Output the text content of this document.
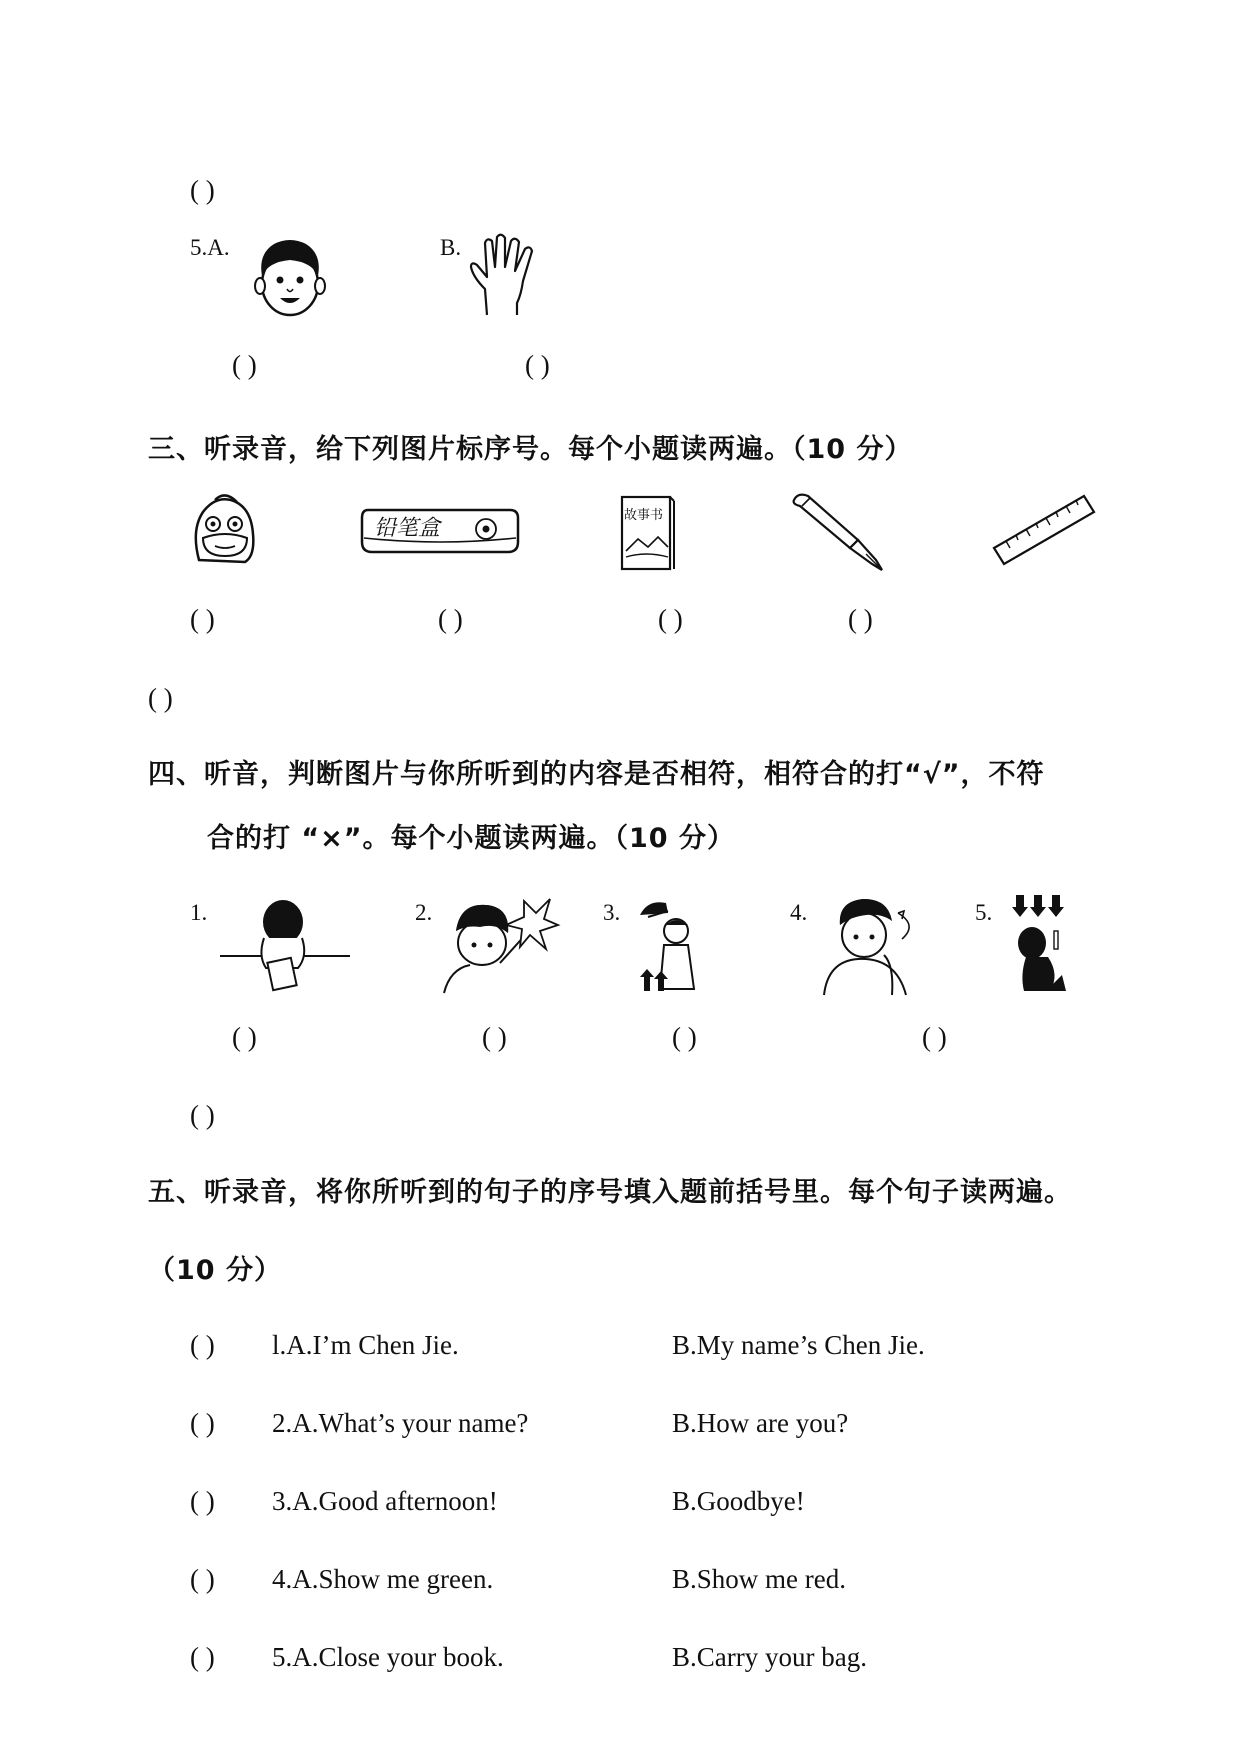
( )
5.A.	B.
( )	( )
三、听录音，给下列图片标序号。每个小题读两遍。（10 分）
铅笔盒
故事书
( )	( )	( )	( )
( )
四、听音，判断图片与你所听到的内容是否相符，相符合的打“√”，不符
合的打 “×”。每个小题读两遍。（10 分）
1.	2.	3.	4.	5.
( )	( )	( )	( )
( )
五、听录音，将你所听到的句子的序号填入题前括号里。每个句子读两遍。
（10 分）
( ) l.A.I’m Chen Jie.	B.My name’s Chen Jie.
( ) 2.A.What’s your name?	B.How are you?
( ) 3.A.Good afternoon!	B.Goodbye!
( ) 4.A.Show me green.	B.Show me red.
( ) 5.A.Close your book.	B.Carry your bag.
